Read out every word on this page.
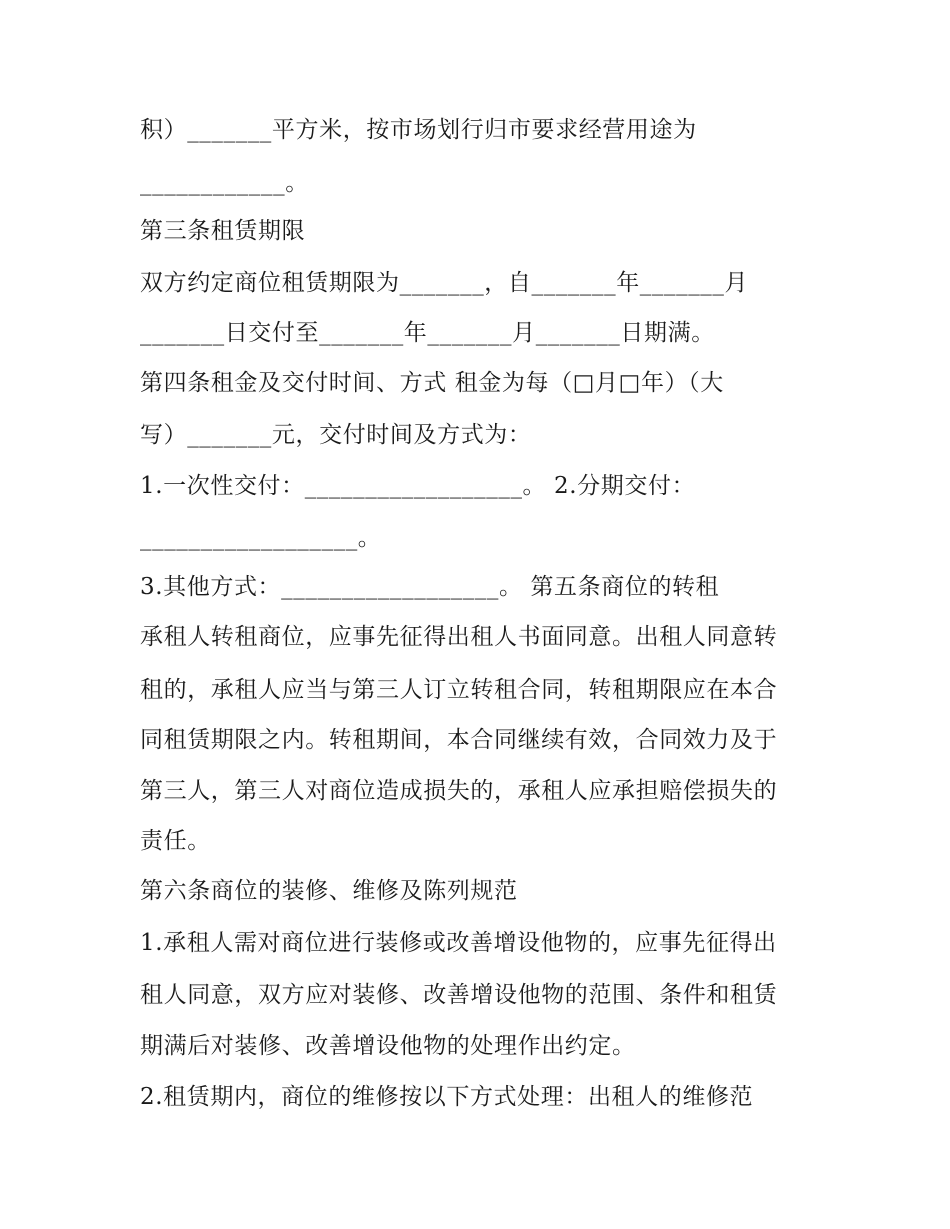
积）_______平方米，按市场划行归市要求经营用途为
____________。
第三条租赁期限
双方约定商位租赁期限为_______，自_______年_______月
_______日交付至_______年_______月_______日期满。
第四条租金及交付时间、方式 租金为每（□月□年）（大
写）_______元，交付时间及方式为：
1.一次性交付：__________________。 2.分期交付：
__________________。
3.其他方式：__________________。 第五条商位的转租
承租人转租商位，应事先征得出租人书面同意。出租人同意转
租的，承租人应当与第三人订立转租合同，转租期限应在本合
同租赁期限之内。转租期间，本合同继续有效，合同效力及于
第三人，第三人对商位造成损失的，承租人应承担赔偿损失的
责任。
第六条商位的装修、维修及陈列规范
1.承租人需对商位进行装修或改善增设他物的，应事先征得出
租人同意，双方应对装修、改善增设他物的范围、条件和租赁
期满后对装修、改善增设他物的处理作出约定。
2.租赁期内，商位的维修按以下方式处理：出租人的维修范
